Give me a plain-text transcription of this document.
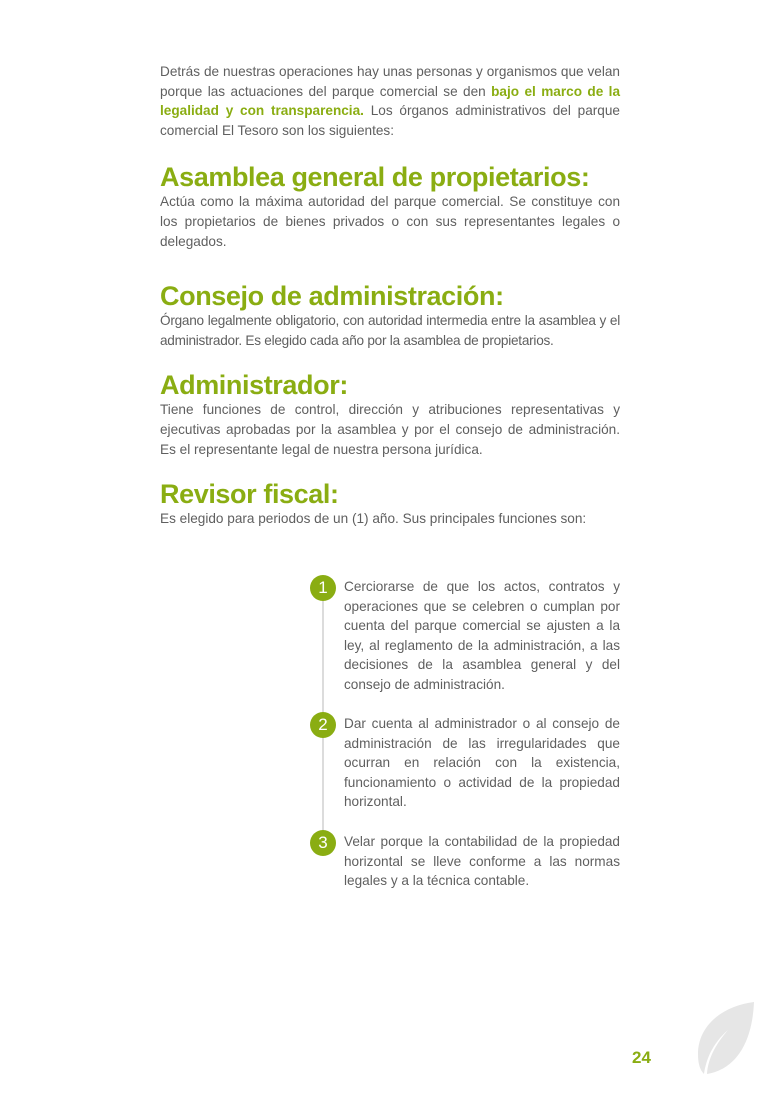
Detrás de nuestras operaciones hay unas personas y organismos que velan porque las actuaciones del parque comercial se den bajo el marco de la legalidad y con transparencia. Los órganos administrativos del parque comercial El Tesoro son los siguientes:

Asamblea general de propietarios:

Actúa como la máxima autoridad del parque comercial. Se constituye con los propietarios de bienes privados o con sus representantes legales o delegados.

Consejo de administración:

Órgano legalmente obligatorio, con autoridad intermedia entre la asamblea y el administrador. Es elegido cada año por la asamblea de propietarios.

Administrador:

Tiene funciones de control, dirección y atribuciones representativas y ejecutivas aprobadas por la asamblea y por el consejo de administración. Es el representante legal de nuestra persona jurídica.

Revisor fiscal:

Es elegido para periodos de un (1) año. Sus principales funciones son:

1	Cerciorarse de que los actos, contratos y operaciones que se celebren o cumplan por cuenta del parque comercial se ajusten a la ley, al reglamento de la administración, a las decisiones de la asamblea general y del consejo de administración.

2	Dar cuenta al administrador o al consejo de administración de las irregularidades que ocurran en relación con la existencia, funcionamiento o actividad de la propiedad horizontal.

3	Velar porque la contabilidad de la propiedad horizontal se lleve conforme a las normas legales y a la técnica contable.

24
